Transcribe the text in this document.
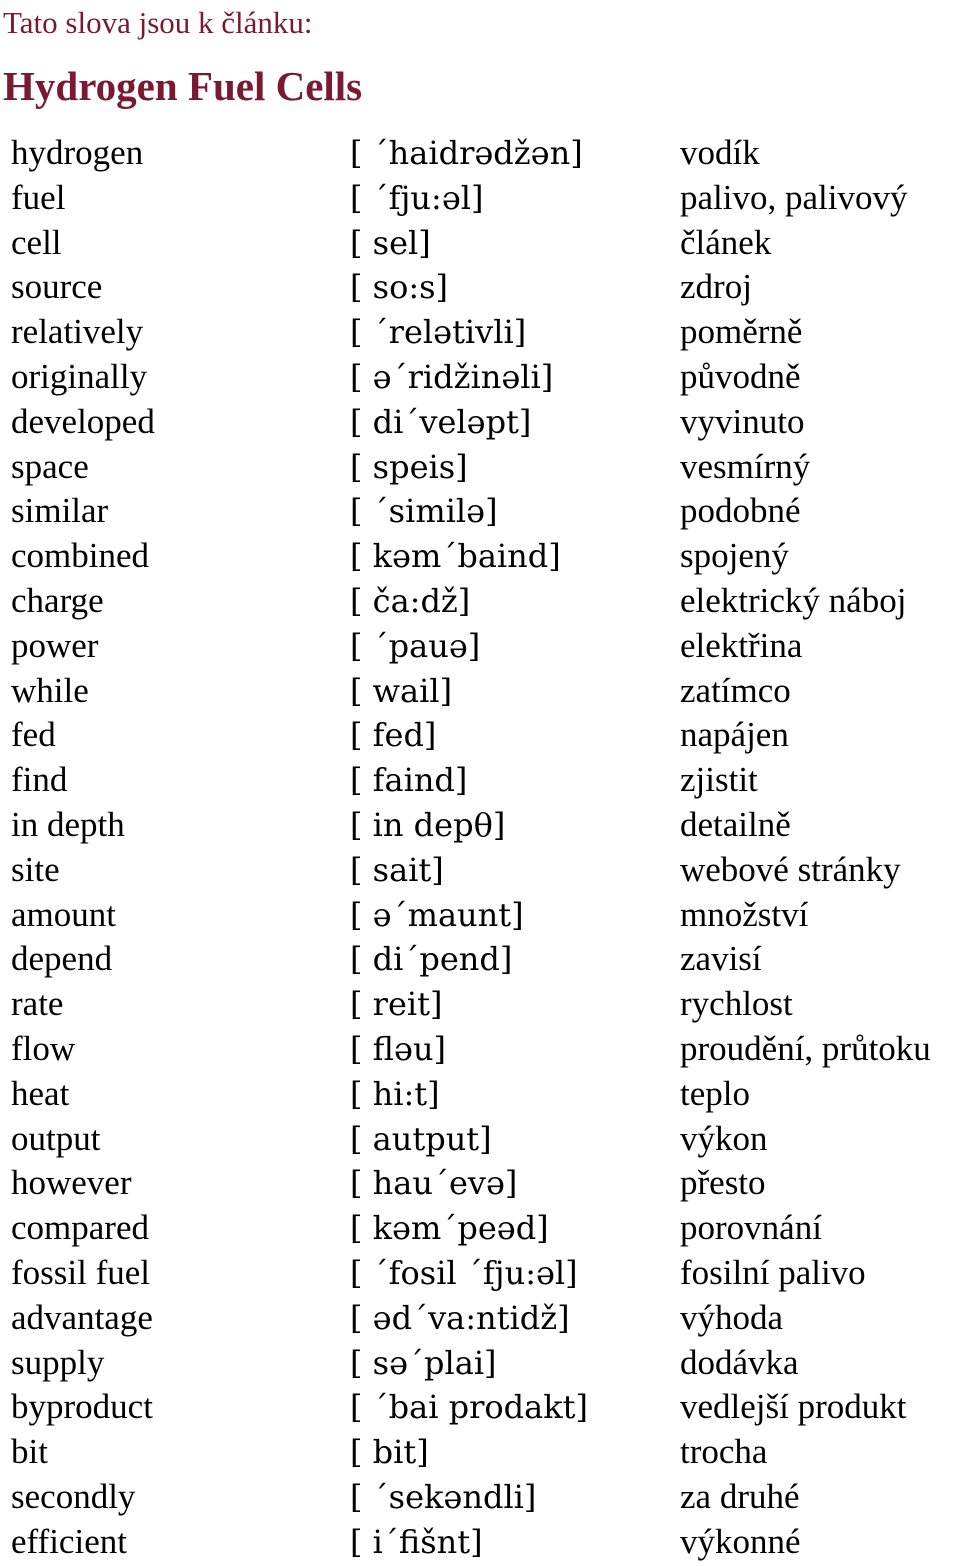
Tato slova jsou k článku:
Hydrogen Fuel Cells
hydrogen	[ ´haidrədžən]	vodík
fuel	[ ´fju:əl]	palivo, palivový
cell	[ sel]	článek
source	[ so:s]	zdroj
relatively	[ ´relətivli]	poměrně
originally	[ ə´ridžinəli]	původně
developed	[ di´veləpt]	vyvinuto
space	[ speis]	vesmírný
similar	[ ´similə]	podobné
combined	[ kəm´baind]	spojený
charge	[ ča:dž]	elektrický náboj
power	[ ´pauə]	elektřina
while	[ wail]	zatímco
fed	[ fed]	napájen
find	[ faind]	zjistit
in depth	[ in depθ]	detailně
site	[ sait]	webové stránky
amount	[ ə´maunt]	množství
depend	[ di´pend]	zavisí
rate	[ reit]	rychlost
flow	[ fləu]	proudění, průtoku
heat	[ hi:t]	teplo
output	[ autput]	výkon
however	[ hau´evə]	přesto
compared	[ kəm´peəd]	porovnání
fossil fuel	[ ´fosil ´fju:əl]	fosilní palivo
advantage	[ əd´va:ntidž]	výhoda
supply	[ sə´plai]	dodávka
byproduct	[ ´bai prodakt]	vedlejší produkt
bit	[ bit]	trocha
secondly	[ ´sekəndli]	za druhé
efficient	[ i´fišnt]	výkonné
